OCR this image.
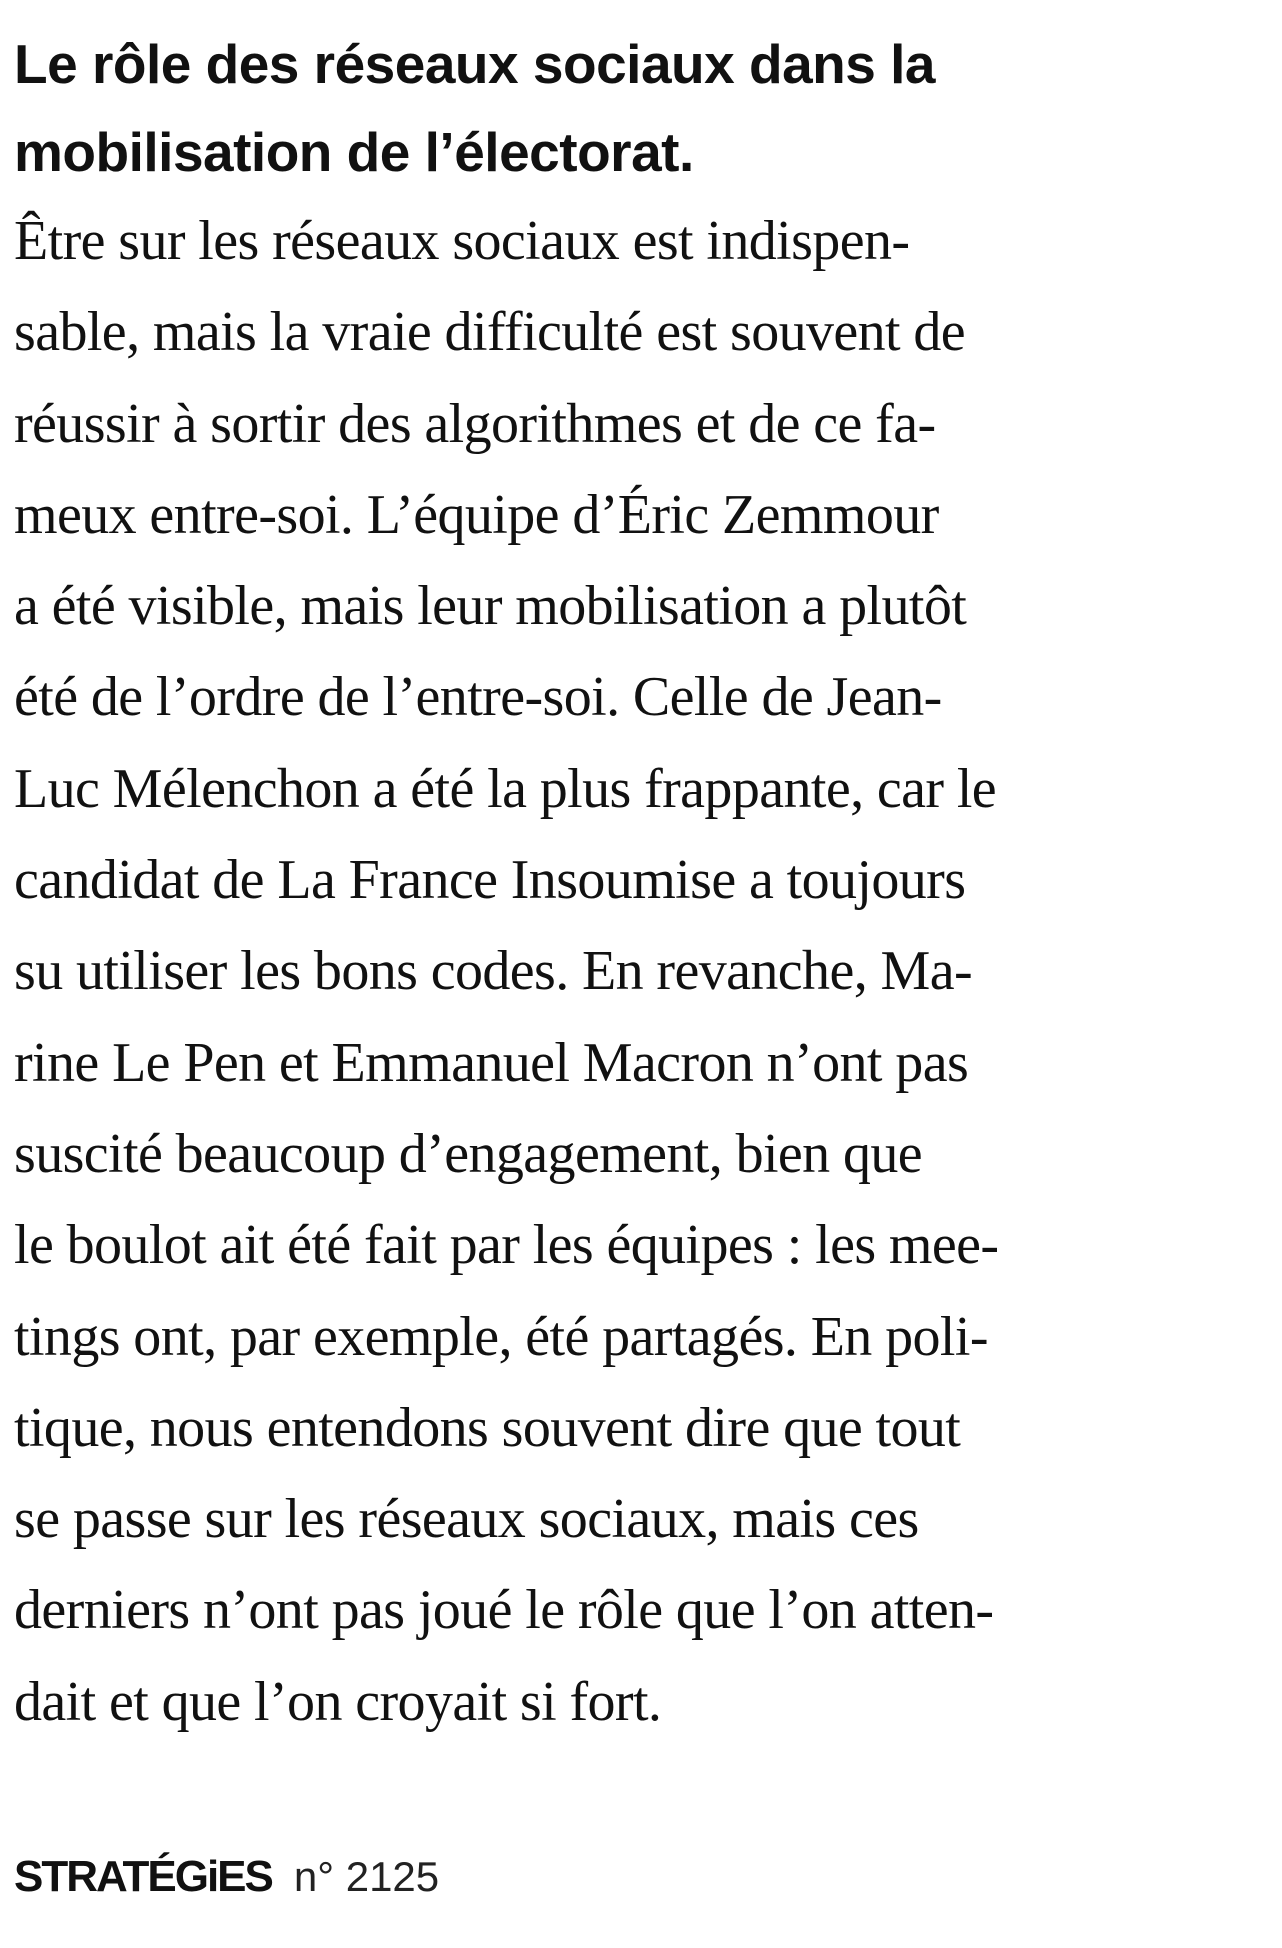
Le rôle des réseaux sociaux dans la
mobilisation de l’électorat.

Être sur les réseaux sociaux est indispen-
sable, mais la vraie difficulté est souvent de
réussir à sortir des algorithmes et de ce fa-
meux entre-soi. L’équipe d’Éric Zemmour
a été visible, mais leur mobilisation a plutôt
été de l’ordre de l’entre-soi. Celle de Jean-
Luc Mélenchon a été la plus frappante, car le
candidat de La France Insoumise a toujours
su utiliser les bons codes. En revanche, Ma-
rine Le Pen et Emmanuel Macron n’ont pas
suscité beaucoup d’engagement, bien que
le boulot ait été fait par les équipes : les mee-
tings ont, par exemple, été partagés. En poli-
tique, nous entendons souvent dire que tout
se passe sur les réseaux sociaux, mais ces
derniers n’ont pas joué le rôle que l’on atten-
dait et que l’on croyait si fort.

STRATÉGiES n° 2125
